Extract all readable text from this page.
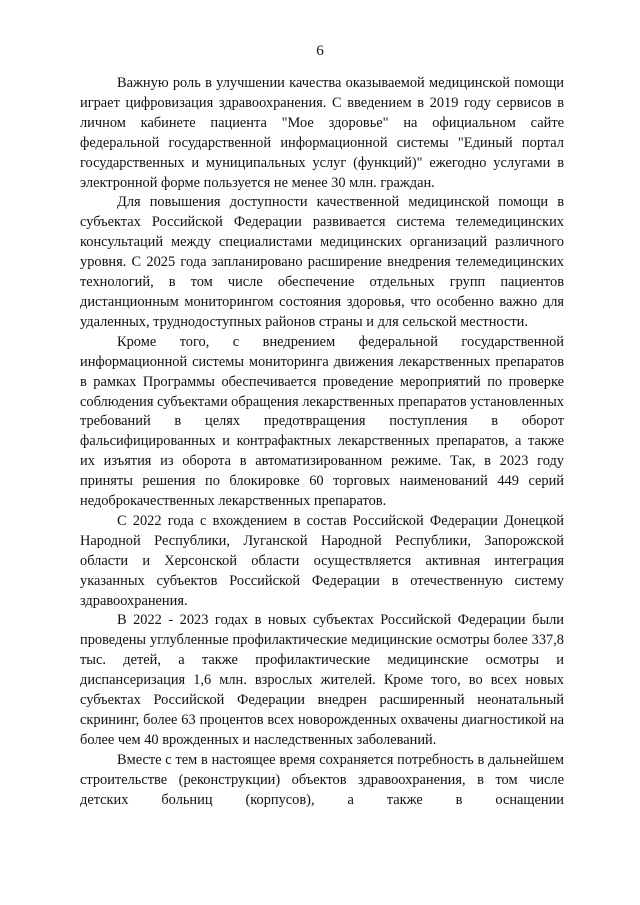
6

Важную роль в улучшении качества оказываемой медицинской помощи играет цифровизация здравоохранения. С введением в 2019 году сервисов в личном кабинете пациента "Мое здоровье" на официальном сайте федеральной государственной информационной системы "Единый портал государственных и муниципальных услуг (функций)" ежегодно услугами в электронной форме пользуется не менее 30 млн. граждан.

Для повышения доступности качественной медицинской помощи в субъектах Российской Федерации развивается система телемедицинских консультаций между специалистами медицинских организаций различного уровня. С 2025 года запланировано расширение внедрения телемедицинских технологий, в том числе обеспечение отдельных групп пациентов дистанционным мониторингом состояния здоровья, что особенно важно для удаленных, труднодоступных районов страны и для сельской местности.

Кроме того, с внедрением федеральной государственной информационной системы мониторинга движения лекарственных препаратов в рамках Программы обеспечивается проведение мероприятий по проверке соблюдения субъектами обращения лекарственных препаратов установленных требований в целях предотвращения поступления в оборот фальсифицированных и контрафактных лекарственных препаратов, а также их изъятия из оборота в автоматизированном режиме. Так, в 2023 году приняты решения по блокировке 60 торговых наименований 449 серий недоброкачественных лекарственных препаратов.

С 2022 года с вхождением в состав Российской Федерации Донецкой Народной Республики, Луганской Народной Республики, Запорожской области и Херсонской области осуществляется активная интеграция указанных субъектов Российской Федерации в отечественную систему здравоохранения.

В 2022 - 2023 годах в новых субъектах Российской Федерации были проведены углубленные профилактические медицинские осмотры более 337,8 тыс. детей, а также профилактические медицинские осмотры и диспансеризация 1,6 млн. взрослых жителей. Кроме того, во всех новых субъектах Российской Федерации внедрен расширенный неонатальный скрининг, более 63 процентов всех новорожденных охвачены диагностикой на более чем 40 врожденных и наследственных заболеваний.

Вместе с тем в настоящее время сохраняется потребность в дальнейшем строительстве (реконструкции) объектов здравоохранения, в том числе детских больниц (корпусов), а также в оснащении
